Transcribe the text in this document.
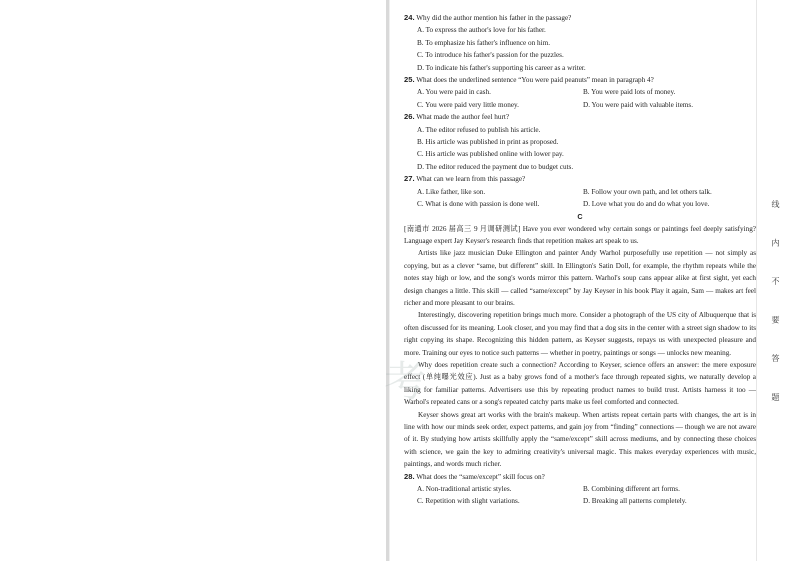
24. Why did the author mention his father in the passage?
A. To express the author's love for his father.
B. To emphasize his father's influence on him.
C. To introduce his father's passion for the puzzles.
D. To indicate his father's supporting his career as a writer.
25. What does the underlined sentence “You were paid peanuts” mean in paragraph 4?
A. You were paid in cash.	B. You were paid lots of money.
C. You were paid very little money.	D. You were paid with valuable items.
26. What made the author feel hurt?
A. The editor refused to publish his article.
B. His article was published in print as proposed.
C. His article was published online with lower pay.
D. The editor reduced the payment due to budget cuts.
27. What can we learn from this passage?
A. Like father, like son.	B. Follow your own path, and let others talk.
C. What is done with passion is done well.	D. Love what you do and do what you love.
C
[南通市 2026 届高三 9 月调研测试] Have you ever wondered why certain songs or paintings feel deeply satisfying? Language expert Jay Keyser's research finds that repetition makes art speak to us.
Artists like jazz musician Duke Ellington and painter Andy Warhol purposefully use repetition — not simply as copying, but as a clever “same, but different” skill. In Ellington's Satin Doll, for example, the rhythm repeats while the notes stay high or low, and the song's words mirror this pattern. Warhol's soup cans appear alike at first sight, yet each design changes a little. This skill — called “same/except” by Jay Keyser in his book Play it again, Sam — makes art feel richer and more pleasant to our brains.
Interestingly, discovering repetition brings much more. Consider a photograph of the US city of Albuquerque that is often discussed for its meaning. Look closer, and you may find that a dog sits in the center with a street sign shadow to its right copying its shape. Recognizing this hidden pattern, as Keyser suggests, repays us with unexpected pleasure and more. Training our eyes to notice such patterns — whether in poetry, paintings or songs — unlocks new meaning.
Why does repetition create such a connection? According to Keyser, science offers an answer: the mere exposure effect (单纯曝光效应). Just as a baby grows fond of a mother's face through repeated sights, we naturally develop a liking for familiar patterns. Advertisers use this by repeating product names to build trust. Artists harness it too — Warhol's repeated cans or a song's repeated catchy parts make us feel comforted and connected.
Keyser shows great art works with the brain's makeup. When artists repeat certain parts with changes, the art is in line with how our minds seek order, expect patterns, and gain joy from “finding” connections — though we are not aware of it. By studying how artists skillfully apply the “same/except” skill across mediums, and by connecting these choices with science, we gain the key to admiring creativity's universal magic. This makes everyday experiences with music, paintings, and words much richer.
28. What does the “same/except” skill focus on?
A. Non-traditional artistic styles.	B. Combining different art forms.
C. Repetition with slight variations.	D. Breaking all patterns completely.
线 内 不 要 答 题
考
